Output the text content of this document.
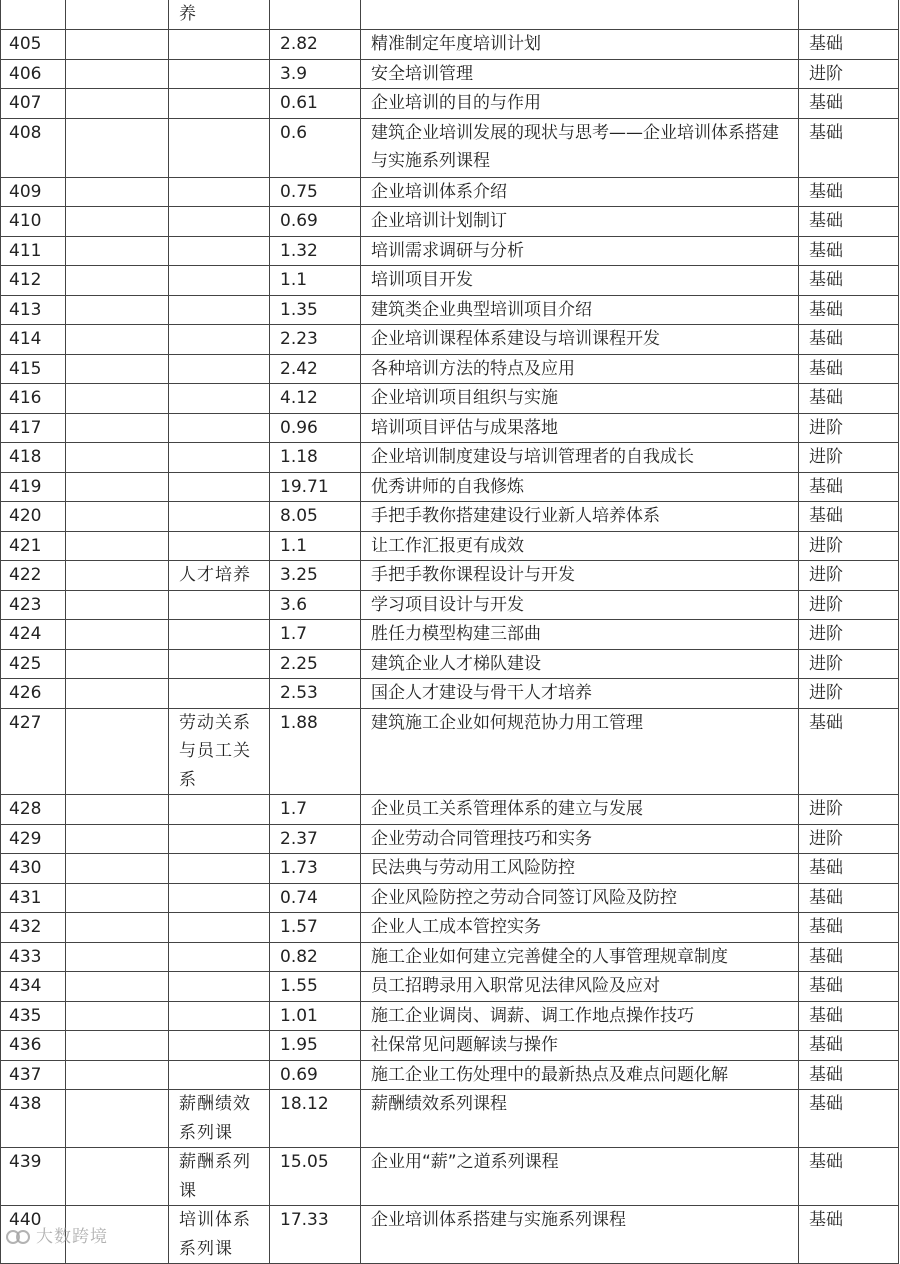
		养			
405			2.82	精准制定年度培训计划	基础
406			3.9	安全培训管理	进阶
407			0.61	企业培训的目的与作用	基础
408			0.6	建筑企业培训发展的现状与思考——企业培训体系搭建与实施系列课程	基础
409			0.75	企业培训体系介绍	基础
410			0.69	企业培训计划制订	基础
411			1.32	培训需求调研与分析	基础
412			1.1	培训项目开发	基础
413			1.35	建筑类企业典型培训项目介绍	基础
414			2.23	企业培训课程体系建设与培训课程开发	基础
415			2.42	各种培训方法的特点及应用	基础
416			4.12	企业培训项目组织与实施	基础
417			0.96	培训项目评估与成果落地	进阶
418			1.18	企业培训制度建设与培训管理者的自我成长	进阶
419			19.71	优秀讲师的自我修炼	基础
420			8.05	手把手教你搭建建设行业新人培养体系	基础
421			1.1	让工作汇报更有成效	进阶
422		人才培养	3.25	手把手教你课程设计与开发	进阶
423			3.6	学习项目设计与开发	进阶
424			1.7	胜任力模型构建三部曲	进阶
425			2.25	建筑企业人才梯队建设	进阶
426			2.53	国企人才建设与骨干人才培养	进阶
427		劳动关系与员工关系	1.88	建筑施工企业如何规范协力用工管理	基础
428			1.7	企业员工关系管理体系的建立与发展	进阶
429			2.37	企业劳动合同管理技巧和实务	进阶
430			1.73	民法典与劳动用工风险防控	基础
431			0.74	企业风险防控之劳动合同签订风险及防控	基础
432			1.57	企业人工成本管控实务	基础
433			0.82	施工企业如何建立完善健全的人事管理规章制度	基础
434			1.55	员工招聘录用入职常见法律风险及应对	基础
435			1.01	施工企业调岗、调薪、调工作地点操作技巧	基础
436			1.95	社保常见问题解读与操作	基础
437			0.69	施工企业工伤处理中的最新热点及难点问题化解	基础
438		薪酬绩效系列课	18.12	薪酬绩效系列课程	基础
439		薪酬系列课	15.05	企业用“薪”之道系列课程	基础
440		培训体系系列课	17.33	企业培训体系搭建与实施系列课程	基础
大数跨境
